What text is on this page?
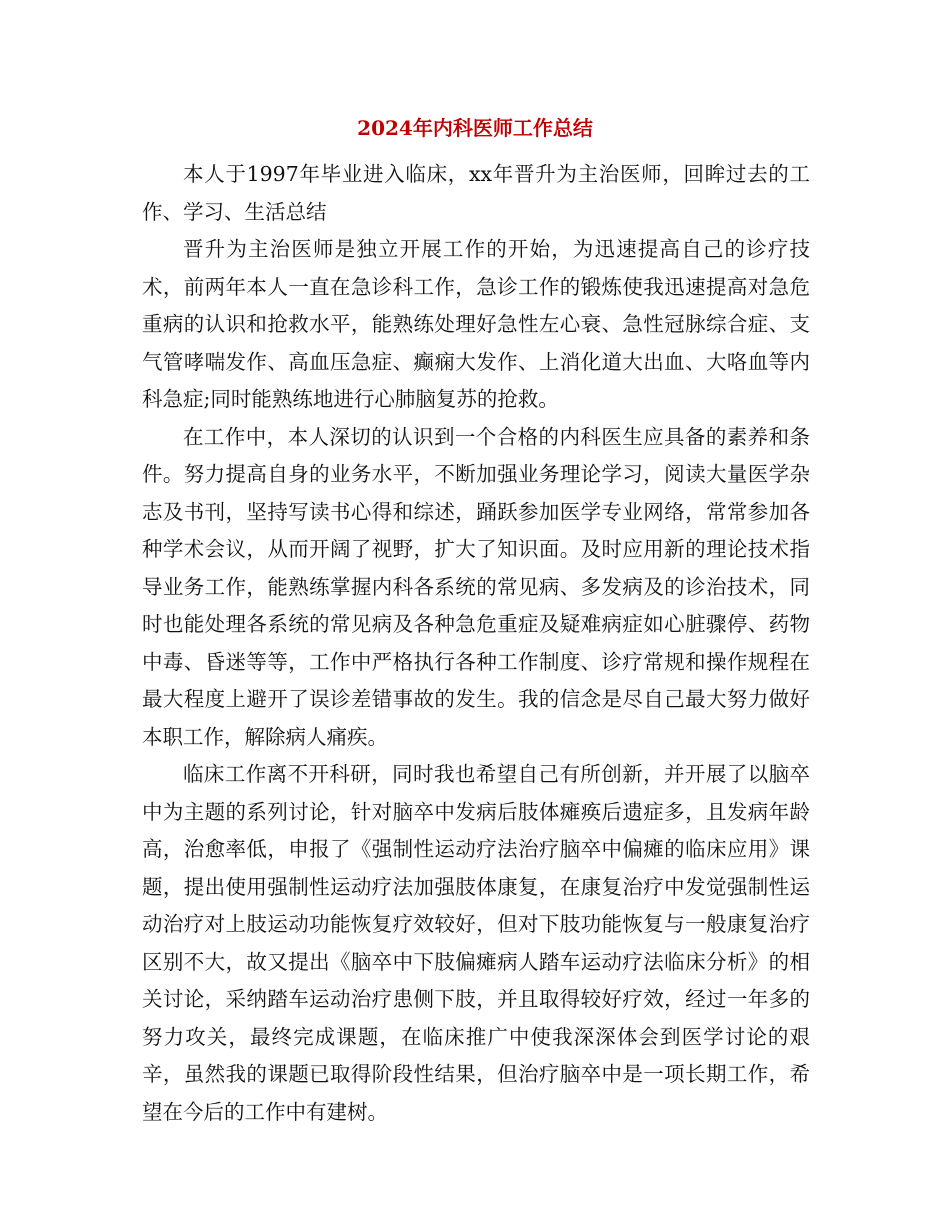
2024年内科医师工作总结

本人于1997年毕业进入临床，xx年晋升为主治医师，回眸过去的工作、学习、生活总结

晋升为主治医师是独立开展工作的开始，为迅速提高自己的诊疗技术，前两年本人一直在急诊科工作，急诊工作的锻炼使我迅速提高对急危重病的认识和抢救水平，能熟练处理好急性左心衰、急性冠脉综合症、支气管哮喘发作、高血压急症、癫痫大发作、上消化道大出血、大咯血等内科急症;同时能熟练地进行心肺脑复苏的抢救。

在工作中，本人深切的认识到一个合格的内科医生应具备的素养和条件。努力提高自身的业务水平，不断加强业务理论学习，阅读大量医学杂志及书刊，坚持写读书心得和综述，踊跃参加医学专业网络，常常参加各种学术会议，从而开阔了视野，扩大了知识面。及时应用新的理论技术指导业务工作，能熟练掌握内科各系统的常见病、多发病及的诊治技术，同时也能处理各系统的常见病及各种急危重症及疑难病症如心脏骤停、药物中毒、昏迷等等，工作中严格执行各种工作制度、诊疗常规和操作规程在最大程度上避开了误诊差错事故的发生。我的信念是尽自己最大努力做好本职工作，解除病人痛疾。

临床工作离不开科研，同时我也希望自己有所创新，并开展了以脑卒中为主题的系列讨论，针对脑卒中发病后肢体瘫痪后遗症多，且发病年龄高，治愈率低，申报了《强制性运动疗法治疗脑卒中偏瘫的临床应用》课题，提出使用强制性运动疗法加强肢体康复，在康复治疗中发觉强制性运动治疗对上肢运动功能恢复疗效较好，但对下肢功能恢复与一般康复治疗区别不大，故又提出《脑卒中下肢偏瘫病人踏车运动疗法临床分析》的相关讨论，采纳踏车运动治疗患侧下肢，并且取得较好疗效，经过一年多的努力攻关，最终完成课题，在临床推广中使我深深体会到医学讨论的艰辛，虽然我的课题已取得阶段性结果，但治疗脑卒中是一项长期工作，希望在今后的工作中有建树。
